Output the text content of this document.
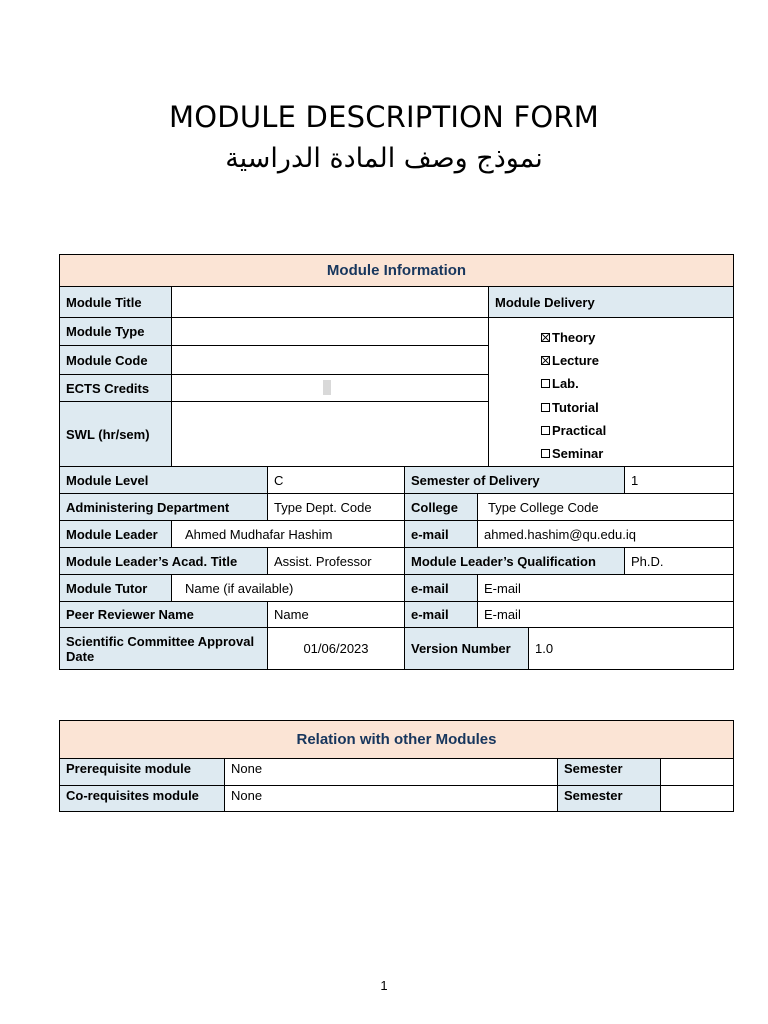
MODULE DESCRIPTION FORM
نموذج وصف المادة الدراسية
Module Information
Module Title	Module Delivery
Module Type
Module Code
ECTS Credits
SWL (hr/sem)
Theory
Lecture
Lab.
Tutorial
Practical
Seminar
Module Level	C	Semester of Delivery	1
Administering Department	Type Dept. Code	College	Type College Code
Module Leader	Ahmed Mudhafar Hashim	e-mail	ahmed.hashim@qu.edu.iq
Module Leader’s Acad. Title	Assist. Professor	Module Leader’s Qualification	Ph.D.
Module Tutor	Name (if available)	e-mail	E-mail
Peer Reviewer Name	Name	e-mail	E-mail
Scientific Committee Approval Date	01/06/2023	Version Number	1.0
Relation with other Modules
Prerequisite module	None	Semester
Co-requisites module	None	Semester
1
